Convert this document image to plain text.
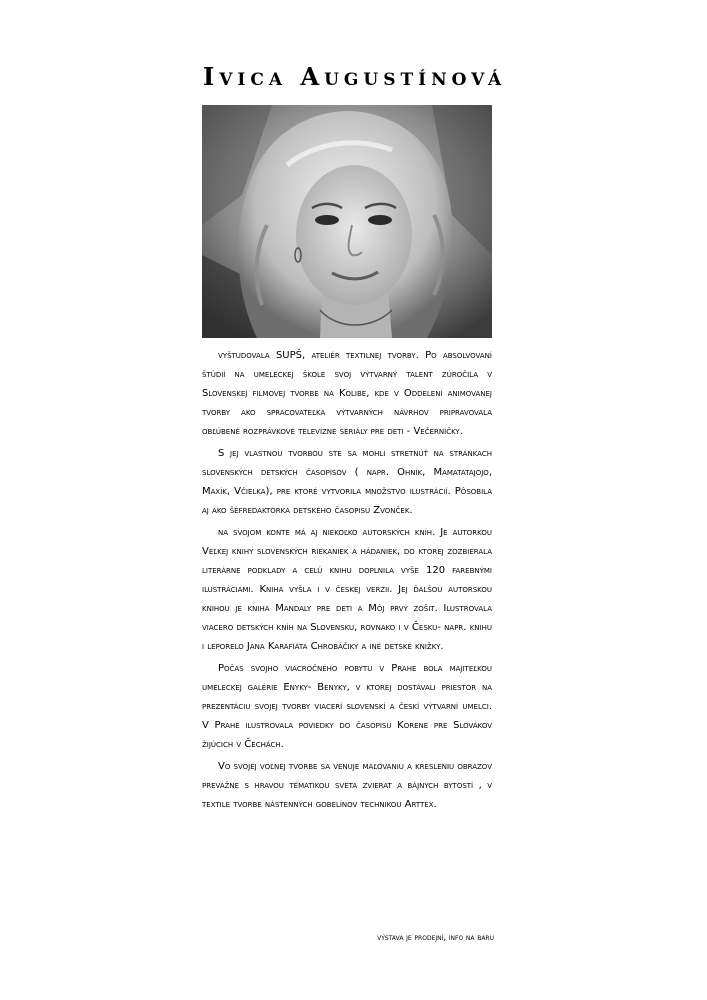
Ivica Augustínová

vyštudovala SUPŠ, ateliér textilnej tvorby. Po absolvovaní štúdií na umeleckej škole svoj výtvarný talent zúročila v Slovenskej filmovej tvorbe na Kolibe, kde v Oddelení animovanej tvorby ako spracovateľka výtvarných návrhov pripravovala obľúbené rozprávkové televízne seriály pre deti - Večerníčky.

S jej vlastnou tvorbou ste sa mohli stretnúť na stránkach slovenských detských časopisov ( napr. Ohník, Mamatatajojo, Maxík, Včielka), pre ktoré vytvorila množstvo ilustrácií. Pôsobila aj ako šéfredaktorka detského časopisu Zvonček.

na svojom konte má aj niekoľko autorských kníh. Je autorkou Veľkej knihy slovenských riekaniek a hádaniek, do ktorej zozbierala literárne podklady a celú knihu doplnila vyše 120 farebnými ilustráciami. Kniha vyšla i v českej verzii. Jej ďalšou autorskou knihou je kniha Mandaly pre deti a Môj prvý zošit. Ilustrovala viacero detských kníh na Slovensku, rovnako i v Česku- napr. knihu i leporelo Jana Karafiáta Chrobáčiky a iné detské knižky.

Počas svojho viacročného pobytu v Prahe bola majiteľkou umeleckej galérie Enyky- Benyky, v ktorej dostávali priestor na prezentáciu svojej tvorby viacerí slovenskí a českí výtvarní umelci. V Prahe ilustrovala poviedky do časopisu Korene pre Slovákov žijúcich v Čechách.

Vo svojej voľnej tvorbe sa venuje maľovaniu a kresleniu obrazov prevážne s hravou tématikou sveta zvierat a bájnych bytostí , v textile tvorbe nástenných gobelínov technikou Arttex.

výstava je prodejní, info na baru
